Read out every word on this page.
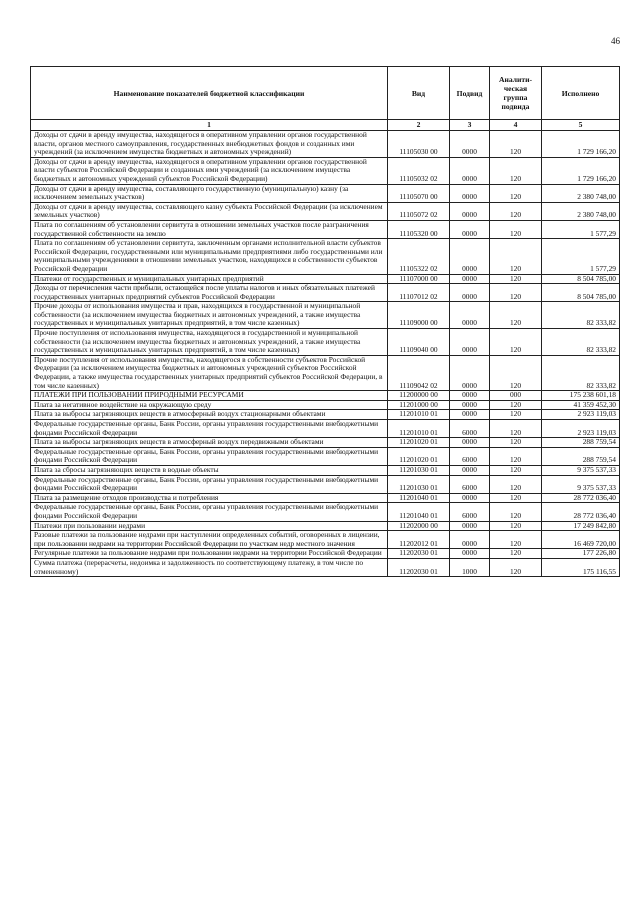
46
Наименование показателей бюджетной классификации	Вид	Подвид	Аналити-ческая группа подвида	Исполнено
1	2	3	4	5
Доходы от сдачи в аренду имущества, находящегося в оперативном управлении органов государственной власти, органов местного самоуправления, государственных внебюджетных фондов и созданных ими учреждений (за исключением имущества бюджетных и автономных учреждений)	11105030 00	0000	120	1 729 166,20
Доходы от сдачи в аренду имущества, находящегося в оперативном управлении органов государственной власти субъектов Российской Федерации и созданных ими учреждений (за исключением имущества бюджетных и автономных учреждений субъектов Российской Федерации)	11105032 02	0000	120	1 729 166,20
Доходы от сдачи в аренду имущества, составляющего государственную (муниципальную) казну (за исключением земельных участков)	11105070 00	0000	120	2 380 748,00
Доходы от сдачи в аренду имущества, составляющего казну субъекта Российской Федерации (за исключением земельных участков)	11105072 02	0000	120	2 380 748,00
Плата по соглашениям об установлении сервитута в отношении земельных участков после разграничения государственной собственности на землю	11105320 00	0000	120	1 577,29
Плата по соглашениям об установлении сервитута, заключенным органами исполнительной власти субъектов Российской Федерации, государственными или муниципальными предприятиями либо государственными или муниципальными учреждениями в отношении земельных участков, находящихся в собственности субъектов Российской Федерации	11105322 02	0000	120	1 577,29
Платежи от государственных и муниципальных унитарных предприятий	11107000 00	0000	120	8 504 785,00
Доходы от перечисления части прибыли, остающейся после уплаты налогов и иных обязательных платежей государственных унитарных предприятий субъектов Российской Федерации	11107012 02	0000	120	8 504 785,00
Прочие доходы от использования имущества и прав, находящихся в государственной и муниципальной собственности (за исключением имущества бюджетных и автономных учреждений, а также имущества государственных и муниципальных унитарных предприятий, в том числе казенных)	11109000 00	0000	120	82 333,82
Прочие поступления от использования имущества, находящегося в государственной и муниципальной собственности (за исключением имущества бюджетных и автономных учреждений, а также имущества государственных и муниципальных унитарных предприятий, в том числе казенных)	11109040 00	0000	120	82 333,82
Прочие поступления от использования имущества, находящегося в собственности субъектов Российской Федерации (за исключением имущества бюджетных и автономных учреждений субъектов Российской Федерации, а также имущества государственных унитарных предприятий субъектов Российской Федерации, в том числе казенных)	11109042 02	0000	120	82 333,82
ПЛАТЕЖИ ПРИ ПОЛЬЗОВАНИИ ПРИРОДНЫМИ РЕСУРСАМИ	11200000 00	0000	000	175 238 601,18
Плата за негативное воздействие на окружающую среду	11201000 00	0000	120	41 359 452,30
Плата за выбросы загрязняющих веществ в атмосферный воздух стационарными объектами	11201010 01	0000	120	2 923 119,03
Федеральные государственные органы, Банк России, органы управления государственными внебюджетными фондами Российской Федерации	11201010 01	6000	120	2 923 119,03
Плата за выбросы загрязняющих веществ в атмосферный воздух передвижными объектами	11201020 01	0000	120	288 759,54
Федеральные государственные органы, Банк России, органы управления государственными внебюджетными фондами Российской Федерации	11201020 01	6000	120	288 759,54
Плата за сбросы загрязняющих веществ в водные объекты	11201030 01	0000	120	9 375 537,33
Федеральные государственные органы, Банк России, органы управления государственными внебюджетными фондами Российской Федерации	11201030 01	6000	120	9 375 537,33
Плата за размещение отходов производства и потребления	11201040 01	0000	120	28 772 036,40
Федеральные государственные органы, Банк России, органы управления государственными внебюджетными фондами Российской Федерации	11201040 01	6000	120	28 772 036,40
Платежи при пользовании недрами	11202000 00	0000	120	17 249 842,80
Разовые платежи за пользование недрами при наступлении определенных событий, оговоренных в лицензии, при пользовании недрами на территории Российской Федерации по участкам недр местного значения	11202012 01	0000	120	16 469 720,00
Регулярные платежи за пользование недрами при пользовании недрами на территории Российской Федерации	11202030 01	0000	120	177 226,80
Сумма платежа (перерасчеты, недоимка и задолженность по соответствующему платежу, в том числе по отмененному)	11202030 01	1000	120	175 116,55
